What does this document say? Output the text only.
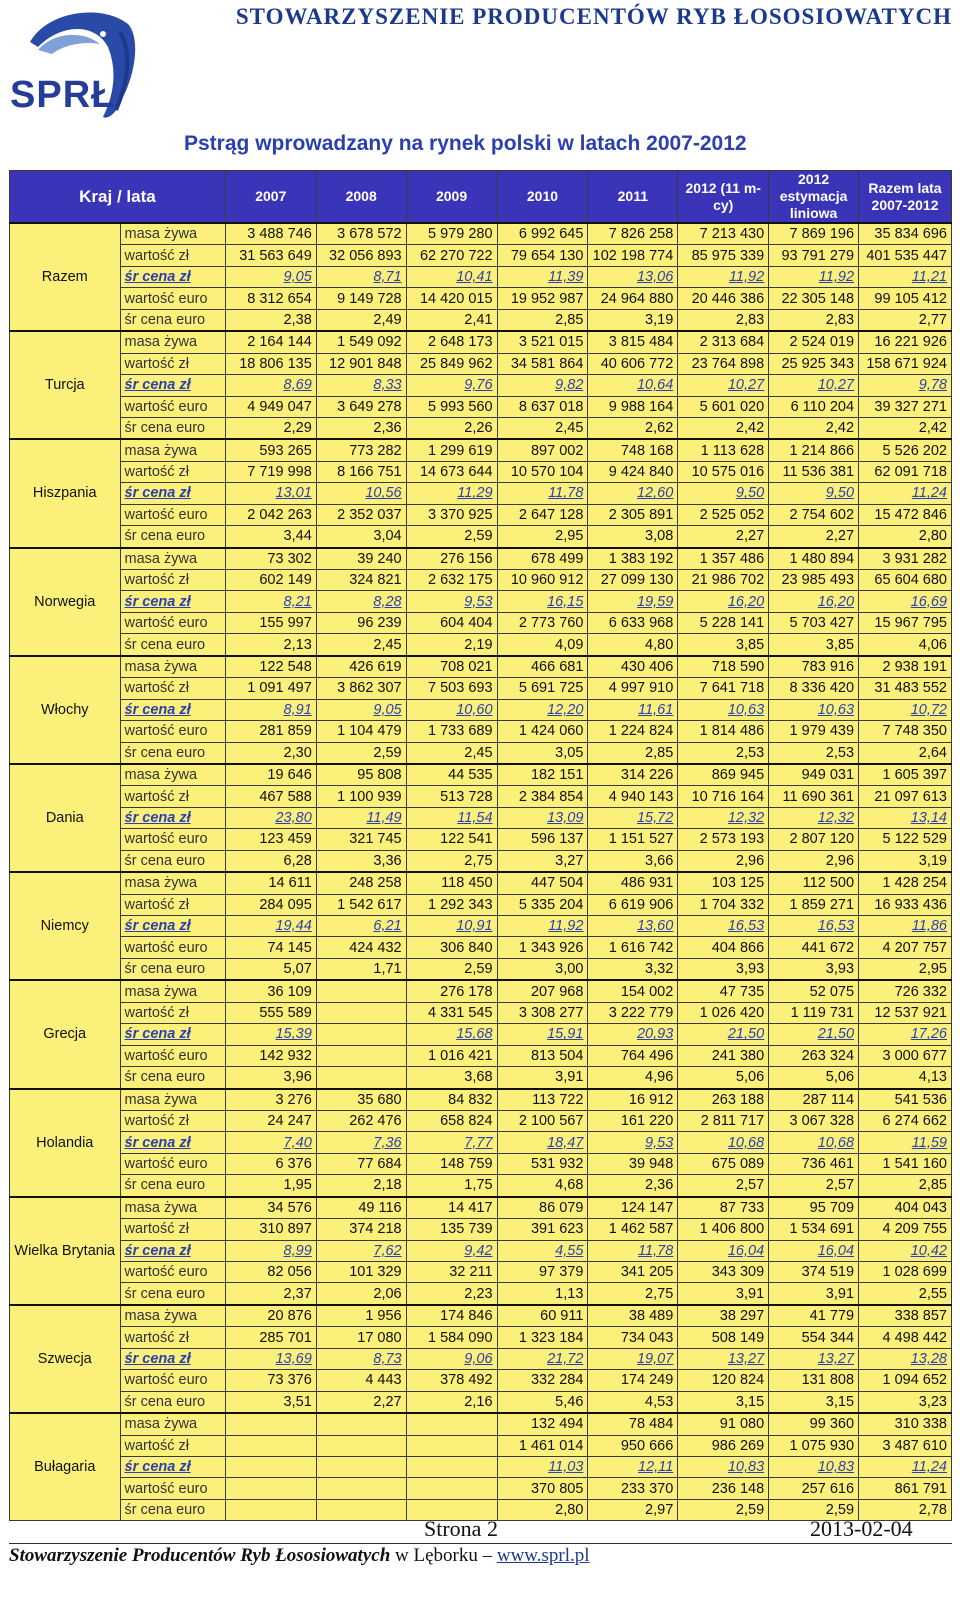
STOWARZYSZENIE PRODUCENTÓW RYB ŁOSOSIOWATYCH
SPRŁ
Pstrąg wprowadzany na rynek polski w latach 2007-2012
Kraj / lata		2007	2008	2009	2010	2011	2012 (11 m-cy)	2012 estymacja liniowa	Razem lata 2007-2012
Razem	masa żywa	3 488 746	3 678 572	5 979 280	6 992 645	7 826 258	7 213 430	7 869 196	35 834 696
	wartość zł	31 563 649	32 056 893	62 270 722	79 654 130	102 198 774	85 975 339	93 791 279	401 535 447
	śr cena zł	9,05	8,71	10,41	11,39	13,06	11,92	11,92	11,21
	wartość euro	8 312 654	9 149 728	14 420 015	19 952 987	24 964 880	20 446 386	22 305 148	99 105 412
	śr cena euro	2,38	2,49	2,41	2,85	3,19	2,83	2,83	2,77
Turcja	masa żywa	2 164 144	1 549 092	2 648 173	3 521 015	3 815 484	2 313 684	2 524 019	16 221 926
	wartość zł	18 806 135	12 901 848	25 849 962	34 581 864	40 606 772	23 764 898	25 925 343	158 671 924
	śr cena zł	8,69	8,33	9,76	9,82	10,64	10,27	10,27	9,78
	wartość euro	4 949 047	3 649 278	5 993 560	8 637 018	9 988 164	5 601 020	6 110 204	39 327 271
	śr cena euro	2,29	2,36	2,26	2,45	2,62	2,42	2,42	2,42
Hiszpania	masa żywa	593 265	773 282	1 299 619	897 002	748 168	1 113 628	1 214 866	5 526 202
	wartość zł	7 719 998	8 166 751	14 673 644	10 570 104	9 424 840	10 575 016	11 536 381	62 091 718
	śr cena zł	13,01	10,56	11,29	11,78	12,60	9,50	9,50	11,24
	wartość euro	2 042 263	2 352 037	3 370 925	2 647 128	2 305 891	2 525 052	2 754 602	15 472 846
	śr cena euro	3,44	3,04	2,59	2,95	3,08	2,27	2,27	2,80
Norwegia	masa żywa	73 302	39 240	276 156	678 499	1 383 192	1 357 486	1 480 894	3 931 282
	wartość zł	602 149	324 821	2 632 175	10 960 912	27 099 130	21 986 702	23 985 493	65 604 680
	śr cena zł	8,21	8,28	9,53	16,15	19,59	16,20	16,20	16,69
	wartość euro	155 997	96 239	604 404	2 773 760	6 633 968	5 228 141	5 703 427	15 967 795
	śr cena euro	2,13	2,45	2,19	4,09	4,80	3,85	3,85	4,06
Włochy	masa żywa	122 548	426 619	708 021	466 681	430 406	718 590	783 916	2 938 191
	wartość zł	1 091 497	3 862 307	7 503 693	5 691 725	4 997 910	7 641 718	8 336 420	31 483 552
	śr cena zł	8,91	9,05	10,60	12,20	11,61	10,63	10,63	10,72
	wartość euro	281 859	1 104 479	1 733 689	1 424 060	1 224 824	1 814 486	1 979 439	7 748 350
	śr cena euro	2,30	2,59	2,45	3,05	2,85	2,53	2,53	2,64
Dania	masa żywa	19 646	95 808	44 535	182 151	314 226	869 945	949 031	1 605 397
	wartość zł	467 588	1 100 939	513 728	2 384 854	4 940 143	10 716 164	11 690 361	21 097 613
	śr cena zł	23,80	11,49	11,54	13,09	15,72	12,32	12,32	13,14
	wartość euro	123 459	321 745	122 541	596 137	1 151 527	2 573 193	2 807 120	5 122 529
	śr cena euro	6,28	3,36	2,75	3,27	3,66	2,96	2,96	3,19
Niemcy	masa żywa	14 611	248 258	118 450	447 504	486 931	103 125	112 500	1 428 254
	wartość zł	284 095	1 542 617	1 292 343	5 335 204	6 619 906	1 704 332	1 859 271	16 933 436
	śr cena zł	19,44	6,21	10,91	11,92	13,60	16,53	16,53	11,86
	wartość euro	74 145	424 432	306 840	1 343 926	1 616 742	404 866	441 672	4 207 757
	śr cena euro	5,07	1,71	2,59	3,00	3,32	3,93	3,93	2,95
Grecja	masa żywa	36 109		276 178	207 968	154 002	47 735	52 075	726 332
	wartość zł	555 589		4 331 545	3 308 277	3 222 779	1 026 420	1 119 731	12 537 921
	śr cena zł	15,39		15,68	15,91	20,93	21,50	21,50	17,26
	wartość euro	142 932		1 016 421	813 504	764 496	241 380	263 324	3 000 677
	śr cena euro	3,96		3,68	3,91	4,96	5,06	5,06	4,13
Holandia	masa żywa	3 276	35 680	84 832	113 722	16 912	263 188	287 114	541 536
	wartość zł	24 247	262 476	658 824	2 100 567	161 220	2 811 717	3 067 328	6 274 662
	śr cena zł	7,40	7,36	7,77	18,47	9,53	10,68	10,68	11,59
	wartość euro	6 376	77 684	148 759	531 932	39 948	675 089	736 461	1 541 160
	śr cena euro	1,95	2,18	1,75	4,68	2,36	2,57	2,57	2,85
Wielka Brytania	masa żywa	34 576	49 116	14 417	86 079	124 147	87 733	95 709	404 043
	wartość zł	310 897	374 218	135 739	391 623	1 462 587	1 406 800	1 534 691	4 209 755
	śr cena zł	8,99	7,62	9,42	4,55	11,78	16,04	16,04	10,42
	wartość euro	82 056	101 329	32 211	97 379	341 205	343 309	374 519	1 028 699
	śr cena euro	2,37	2,06	2,23	1,13	2,75	3,91	3,91	2,55
Szwecja	masa żywa	20 876	1 956	174 846	60 911	38 489	38 297	41 779	338 857
	wartość zł	285 701	17 080	1 584 090	1 323 184	734 043	508 149	554 344	4 498 442
	śr cena zł	13,69	8,73	9,06	21,72	19,07	13,27	13,27	13,28
	wartość euro	73 376	4 443	378 492	332 284	174 249	120 824	131 808	1 094 652
	śr cena euro	3,51	2,27	2,16	5,46	4,53	3,15	3,15	3,23
Bułagaria	masa żywa				132 494	78 484	91 080	99 360	310 338
	wartość zł				1 461 014	950 666	986 269	1 075 930	3 487 610
	śr cena zł				11,03	12,11	10,83	10,83	11,24
	wartość euro				370 805	233 370	236 148	257 616	861 791
	śr cena euro				2,80	2,97	2,59	2,59	2,78
Strona 2	2013-02-04
Stowarzyszenie Producentów Ryb Łososiowatych w Lęborku – www.sprl.pl
